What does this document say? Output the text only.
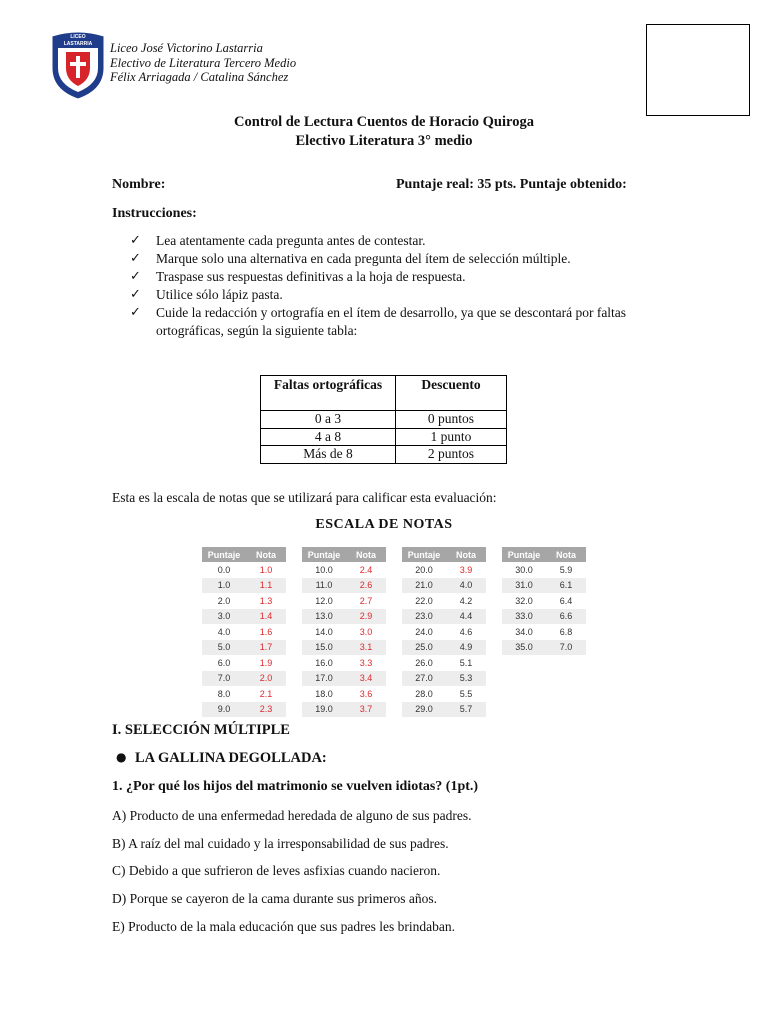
LICEO
LASTARRIA Liceo José Victorino Lastarria
Electivo de Literatura Tercero Medio
Félix Arriagada / Catalina Sánchez
Control de Lectura Cuentos de Horacio Quiroga
Electivo Literatura 3° medio
Nombre:	Puntaje real: 35 pts. Puntaje obtenido:
Instrucciones:
✓ Lea atentamente cada pregunta antes de contestar.
✓ Marque solo una alternativa en cada pregunta del ítem de selección múltiple.
✓ Traspase sus respuestas definitivas a la hoja de respuesta.
✓ Utilice sólo lápiz pasta.
✓ Cuide la redacción y ortografía en el ítem de desarrollo, ya que se descontará por faltas ortográficas, según la siguiente tabla:
Faltas ortográficas	Descuento
0 a 3	0 puntos
4 a 8	1 punto
Más de 8	2 puntos
Esta es la escala de notas que se utilizará para calificar esta evaluación:
ESCALA DE NOTAS
Puntaje	Nota
0.0	1.0
1.0	1.1
2.0	1.3
3.0	1.4
4.0	1.6
5.0	1.7
6.0	1.9
7.0	2.0
8.0	2.1
9.0	2.3
Puntaje	Nota
10.0	2.4
11.0	2.6
12.0	2.7
13.0	2.9
14.0	3.0
15.0	3.1
16.0	3.3
17.0	3.4
18.0	3.6
19.0	3.7
Puntaje	Nota
20.0	3.9
21.0	4.0
22.0	4.2
23.0	4.4
24.0	4.6
25.0	4.9
26.0	5.1
27.0	5.3
28.0	5.5
29.0	5.7
Puntaje	Nota
30.0	5.9
31.0	6.1
32.0	6.4
33.0	6.6
34.0	6.8
35.0	7.0
I. SELECCIÓN MÚLTIPLE
● LA GALLINA DEGOLLADA:
1. ¿Por qué los hijos del matrimonio se vuelven idiotas? (1pt.)
A) Producto de una enfermedad heredada de alguno de sus padres.
B) A raíz del mal cuidado y la irresponsabilidad de sus padres.
C) Debido a que sufrieron de leves asfixias cuando nacieron.
D) Porque se cayeron de la cama durante sus primeros años.
E) Producto de la mala educación que sus padres les brindaban.
